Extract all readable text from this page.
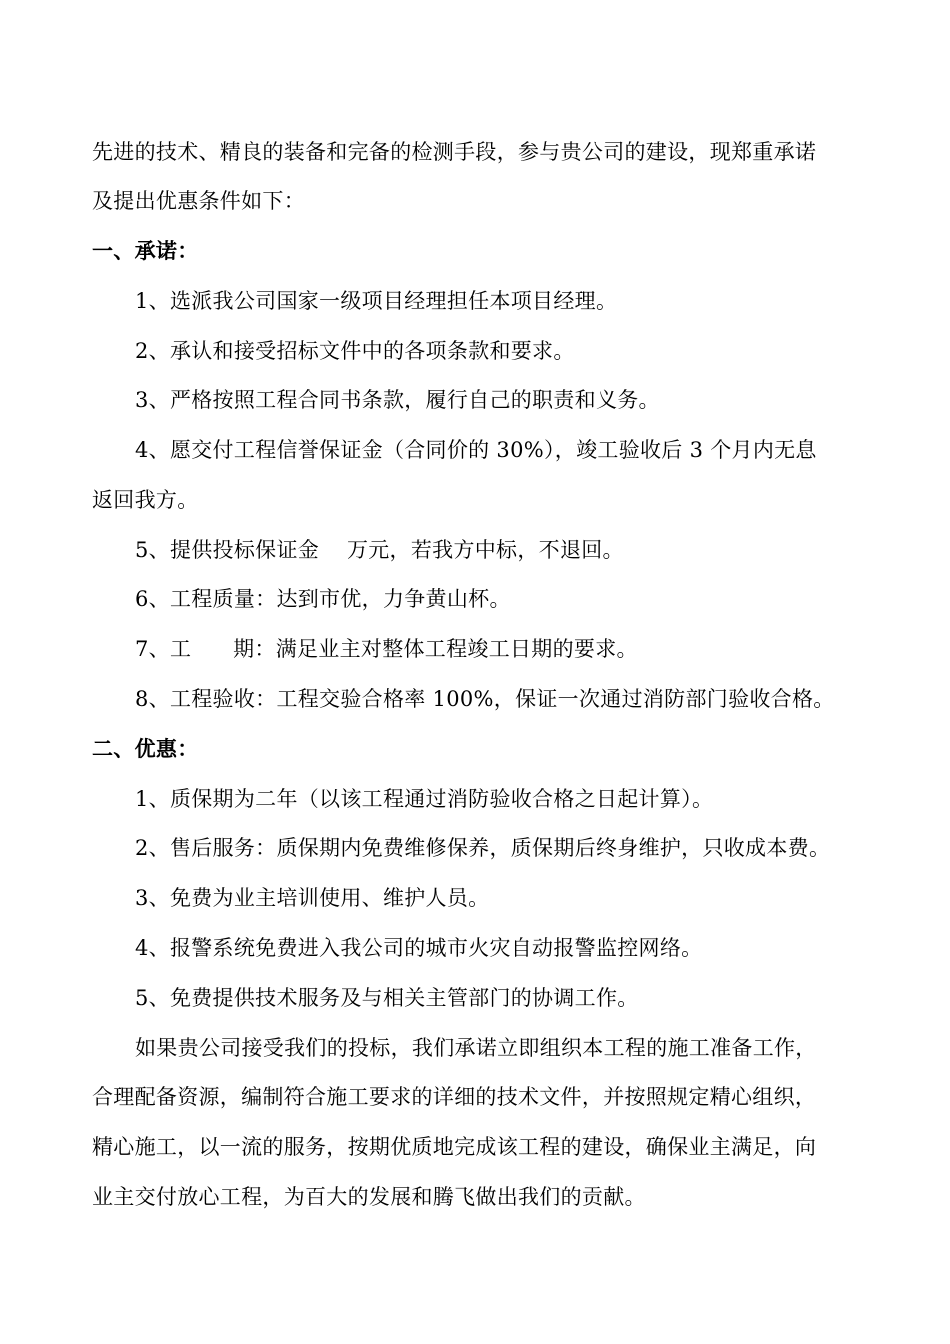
先进的技术、精良的装备和完备的检测手段，参与贵公司的建设，现郑重承诺
及提出优惠条件如下：
一、承诺：
1、选派我公司国家一级项目经理担任本项目经理。
2、承认和接受招标文件中的各项条款和要求。
3、严格按照工程合同书条款，履行自己的职责和义务。
4、愿交付工程信誉保证金（合同价的 30%），竣工验收后 3 个月内无息
返回我方。
5、提供投标保证金    万元，若我方中标，不退回。
6、工程质量：达到市优，力争黄山杯。
7、工      期：满足业主对整体工程竣工日期的要求。
8、工程验收：工程交验合格率 100%，保证一次通过消防部门验收合格。
二、优惠：
1、质保期为二年（以该工程通过消防验收合格之日起计算）。
2、售后服务：质保期内免费维修保养，质保期后终身维护，只收成本费。
3、免费为业主培训使用、维护人员。
4、报警系统免费进入我公司的城市火灾自动报警监控网络。
5、免费提供技术服务及与相关主管部门的协调工作。
如果贵公司接受我们的投标，我们承诺立即组织本工程的施工准备工作，
合理配备资源，编制符合施工要求的详细的技术文件，并按照规定精心组织，
精心施工，以一流的服务，按期优质地完成该工程的建设，确保业主满足，向
业主交付放心工程，为百大的发展和腾飞做出我们的贡献。
